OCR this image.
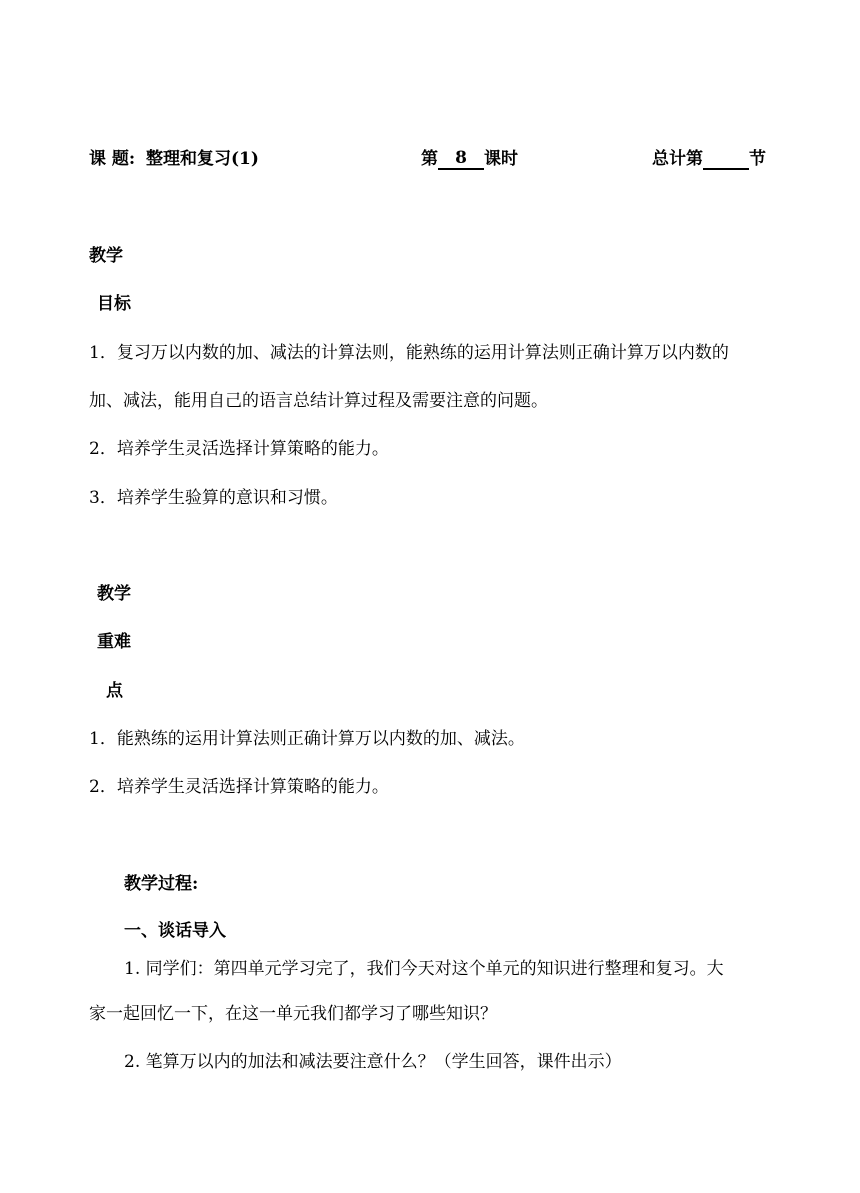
课 题: 整理和复习(1)	第 8 课时	总计第	节
教学
目标
1．复习万以内数的加、减法的计算法则，能熟练的运用计算法则正确计算万以内数的
加、减法，能用自己的语言总结计算过程及需要注意的问题。
2．培养学生灵活选择计算策略的能力。
3．培养学生验算的意识和习惯。
教学
重难
点
1．能熟练的运用计算法则正确计算万以内数的加、减法。
2．培养学生灵活选择计算策略的能力。
教学过程:
一、谈话导入
1. 同学们：第四单元学习完了，我们今天对这个单元的知识进行整理和复习。大
家一起回忆一下，在这一单元我们都学习了哪些知识？
2. 笔算万以内的加法和减法要注意什么？（学生回答，课件出示）
